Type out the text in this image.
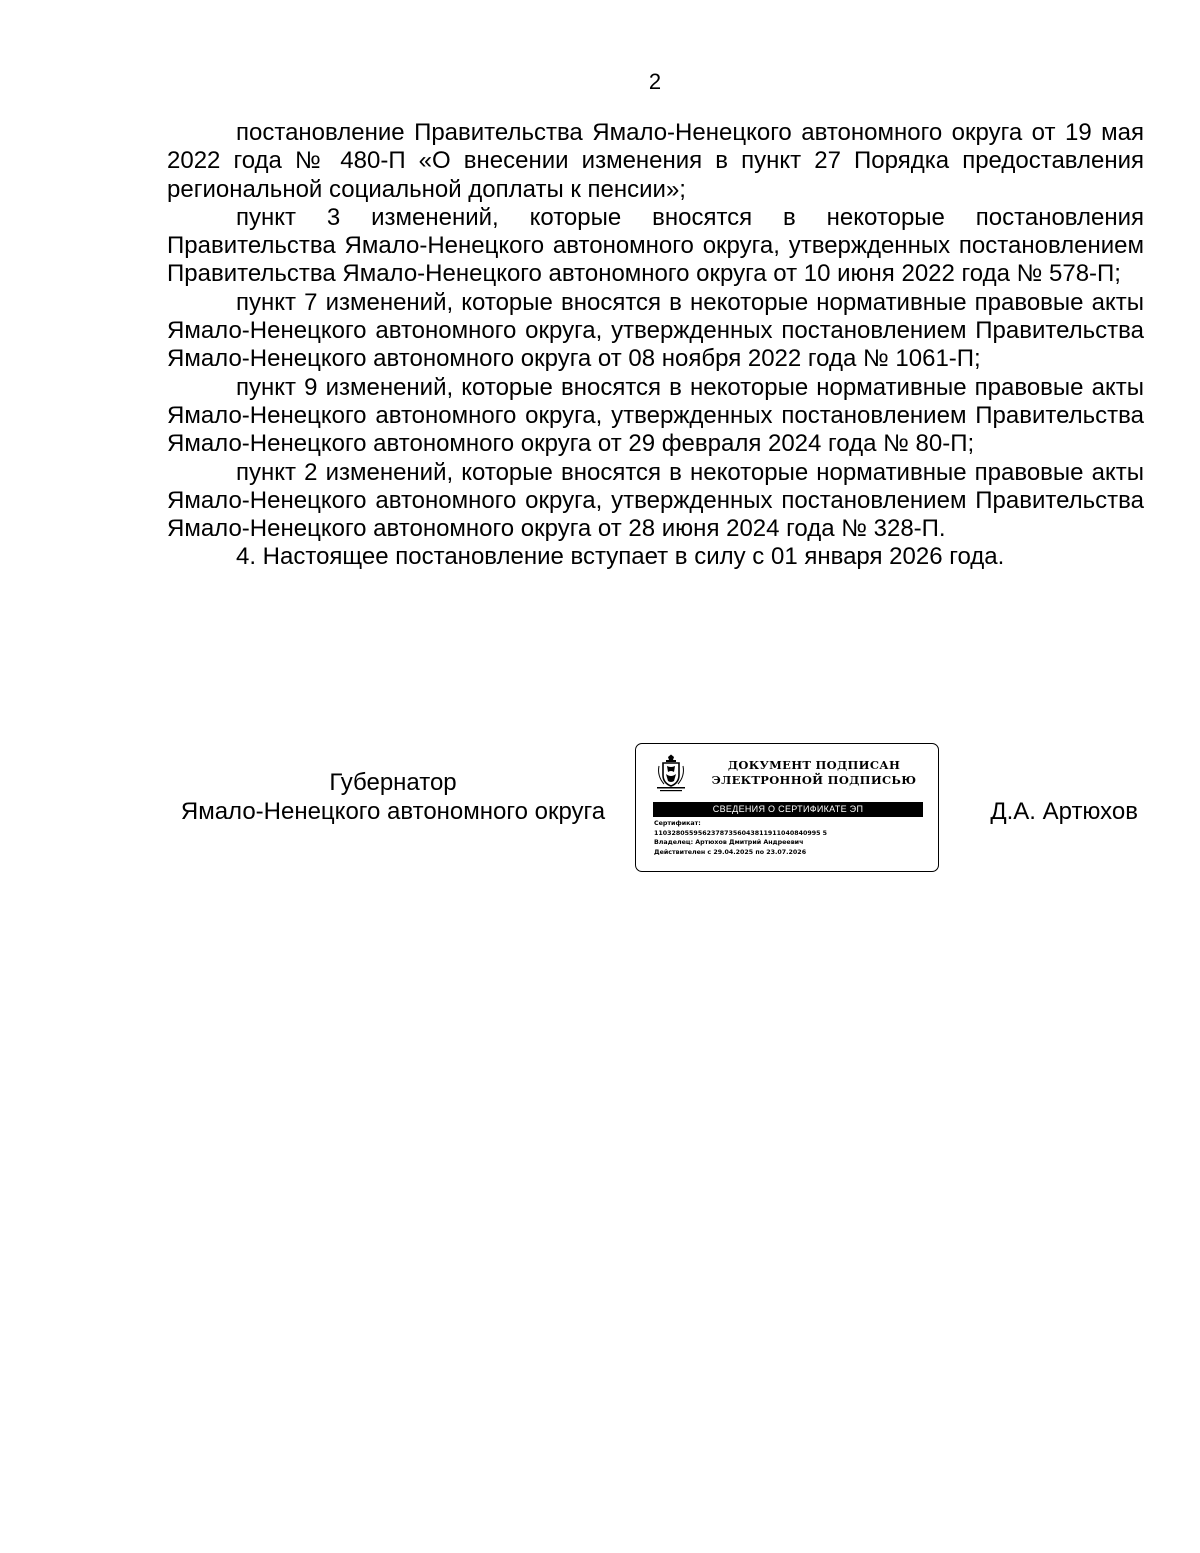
2

постановление Правительства Ямало-Ненецкого автономного округа от 19 мая 2022 года № 480-П «О внесении изменения в пункт 27 Порядка предоставления региональной социальной доплаты к пенсии»;

пункт 3 изменений, которые вносятся в некоторые постановления Правительства Ямало-Ненецкого автономного округа, утвержденных постановлением Правительства Ямало-Ненецкого автономного округа от 10 июня 2022 года № 578-П;

пункт 7 изменений, которые вносятся в некоторые нормативные правовые акты Ямало-Ненецкого автономного округа, утвержденных постановлением Правительства Ямало-Ненецкого автономного округа от 08 ноября 2022 года № 1061-П;

пункт 9 изменений, которые вносятся в некоторые нормативные правовые акты Ямало-Ненецкого автономного округа, утвержденных постановлением Правительства Ямало-Ненецкого автономного округа от 29 февраля 2024 года № 80-П;

пункт 2 изменений, которые вносятся в некоторые нормативные правовые акты Ямало-Ненецкого автономного округа, утвержденных постановлением Правительства Ямало-Ненецкого автономного округа от 28 июня 2024 года № 328-П.

4. Настоящее постановление вступает в силу с 01 января 2026 года.

Губернатор
Ямало-Ненецкого автономного округа
ДОКУМЕНТ ПОДПИСАН
ЭЛЕКТРОННОЙ ПОДПИСЬЮ
СВЕДЕНИЯ О СЕРТИФИКАТЕ ЭП
Сертификат:
11032805595623787356043811911040840995 5
Владелец: Артюхов Дмитрий Андреевич
Действителен с 29.04.2025 по 23.07.2026
Д.А. Артюхов
